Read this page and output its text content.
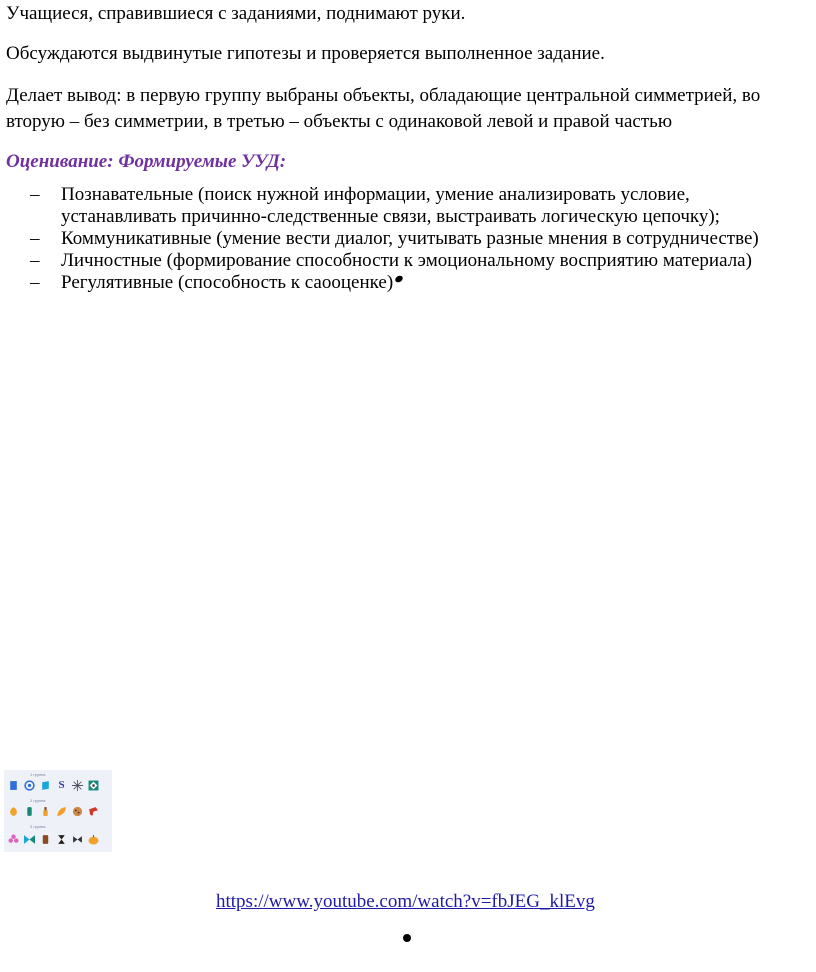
Учащиеся, справившиеся с заданиями, поднимают руки.

Обсуждаются выдвинутые гипотезы и проверяется выполненное задание.

Делает вывод: в первую группу выбраны объекты, обладающие центральной симметрией, во

вторую – без симметрии, в третью – объекты с одинаковой левой и правой частью

Оценивание: Формируемые УУД:

– Познавательные (поиск нужной информации, умение анализировать условие,
устанавливать причинно-следственные связи, выстраивать логическую цепочку);
– Коммуникативные (умение вести диалог, учитывать разные мнения в сотрудничестве)
– Личностные (формирование способности к эмоциональному восприятию материала)
– Регулятивные (способность к саооценке)
1 группа
S
2 группа
3 группа
https://www.youtube.com/watch?v=fbJEG_klEvg
